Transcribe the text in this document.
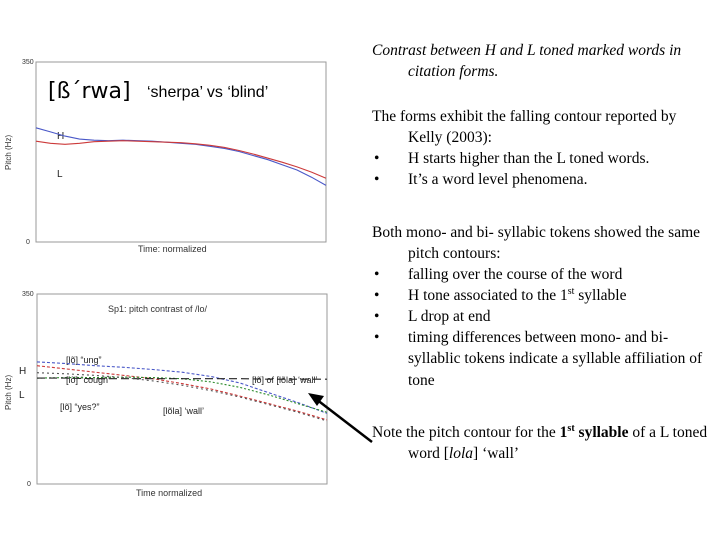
350
0
Pitch (Hz)
Time: normalized
H
L
[ß´rwa] ‘sherpa’ vs ‘blind’
350
0
Pitch (Hz)
H
L
Sp1: pitch contrast of /lo/
Time normalized
[lõ] “ung”
[lõ] “cough”
[lõ] “yes?”
[lõ] of [lõla] ‘wall’
[lõla] ‘wall’

Contrast between H and L toned marked words in citation forms.

The forms exhibit the falling contour reported by Kelly (2003):

• H starts higher than the L toned words.
• It’s a word level phenomena.

Both mono- and bi- syllabic tokens showed the same pitch contours:

• falling over the course of the word
• H tone associated to the 1st syllable
• L drop at end
• timing differences between mono- and bi- syllablic tokens indicate a syllable affiliation of tone

Note the pitch contour for the 1st syllable of a L toned word [lola] ‘wall’
